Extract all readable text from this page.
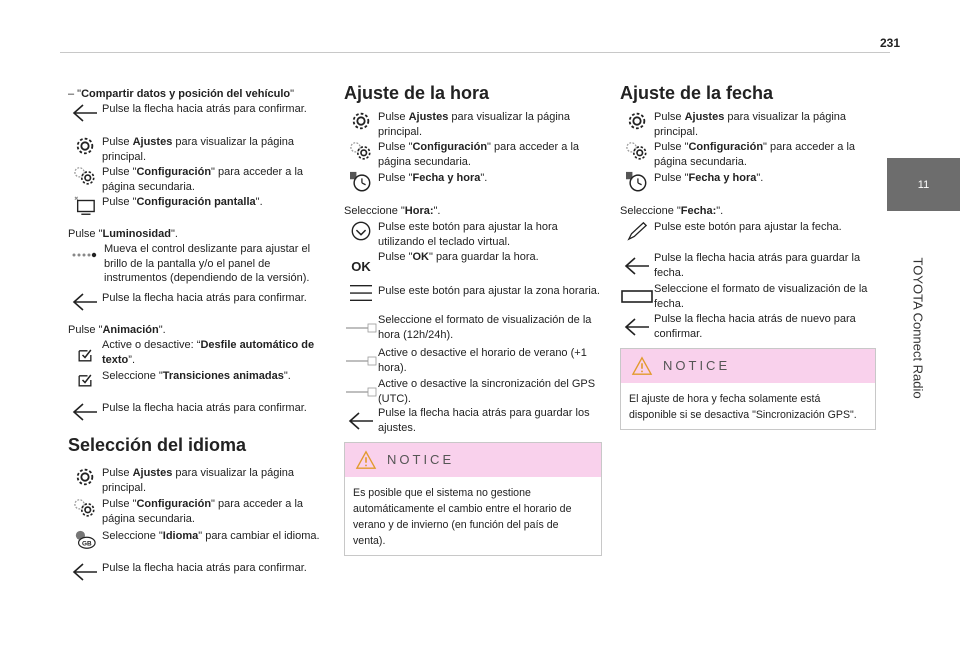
231
11
TOYOTA Connect Radio
– "Compartir datos y posición del vehículo"
Pulse la flecha hacia atrás para confirmar.
Pulse Ajustes para visualizar la página principal.
Pulse "Configuración" para acceder a la página secundaria.
Pulse "Configuración pantalla".
Pulse "Luminosidad".
Mueva el control deslizante para ajustar el brillo de la pantalla y/o el panel de instrumentos (dependiendo de la versión).
Pulse la flecha hacia atrás para confirmar.
Pulse "Animación".
Active o desactive: “Desfile automático de texto”.
Seleccione "Transiciones animadas".
Pulse la flecha hacia atrás para confirmar.
Selección del idioma
Pulse Ajustes para visualizar la página principal.
Pulse "Configuración" para acceder a la página secundaria.
Seleccione "Idioma" para cambiar el idioma.
Pulse la flecha hacia atrás para confirmar.
Ajuste de la hora
Pulse Ajustes para visualizar la página principal.
Pulse "Configuración" para acceder a la página secundaria.
Pulse "Fecha y hora".
Seleccione "Hora:".
Pulse este botón para ajustar la hora utilizando el teclado virtual.
OK
Pulse "OK" para guardar la hora.
Pulse este botón para ajustar la zona horaria.
Seleccione el formato de visualización de la hora (12h/24h).
Active o desactive el horario de verano (+1 hora).
Active o desactive la sincronización del GPS (UTC).
Pulse la flecha hacia atrás para guardar los ajustes.
NOTICE
Es posible que el sistema no gestione automáticamente el cambio entre el horario de verano y de invierno (en función del país de venta).
Ajuste de la fecha
Pulse Ajustes para visualizar la página principal.
Pulse "Configuración" para acceder a la página secundaria.
Pulse "Fecha y hora".
Seleccione "Fecha:".
Pulse este botón para ajustar la fecha.
Pulse la flecha hacia atrás para guardar la fecha.
Seleccione el formato de visualización de la fecha.
Pulse la flecha hacia atrás de nuevo para confirmar.
NOTICE
El ajuste de hora y fecha solamente está disponible si se desactiva "Sincronización GPS".
